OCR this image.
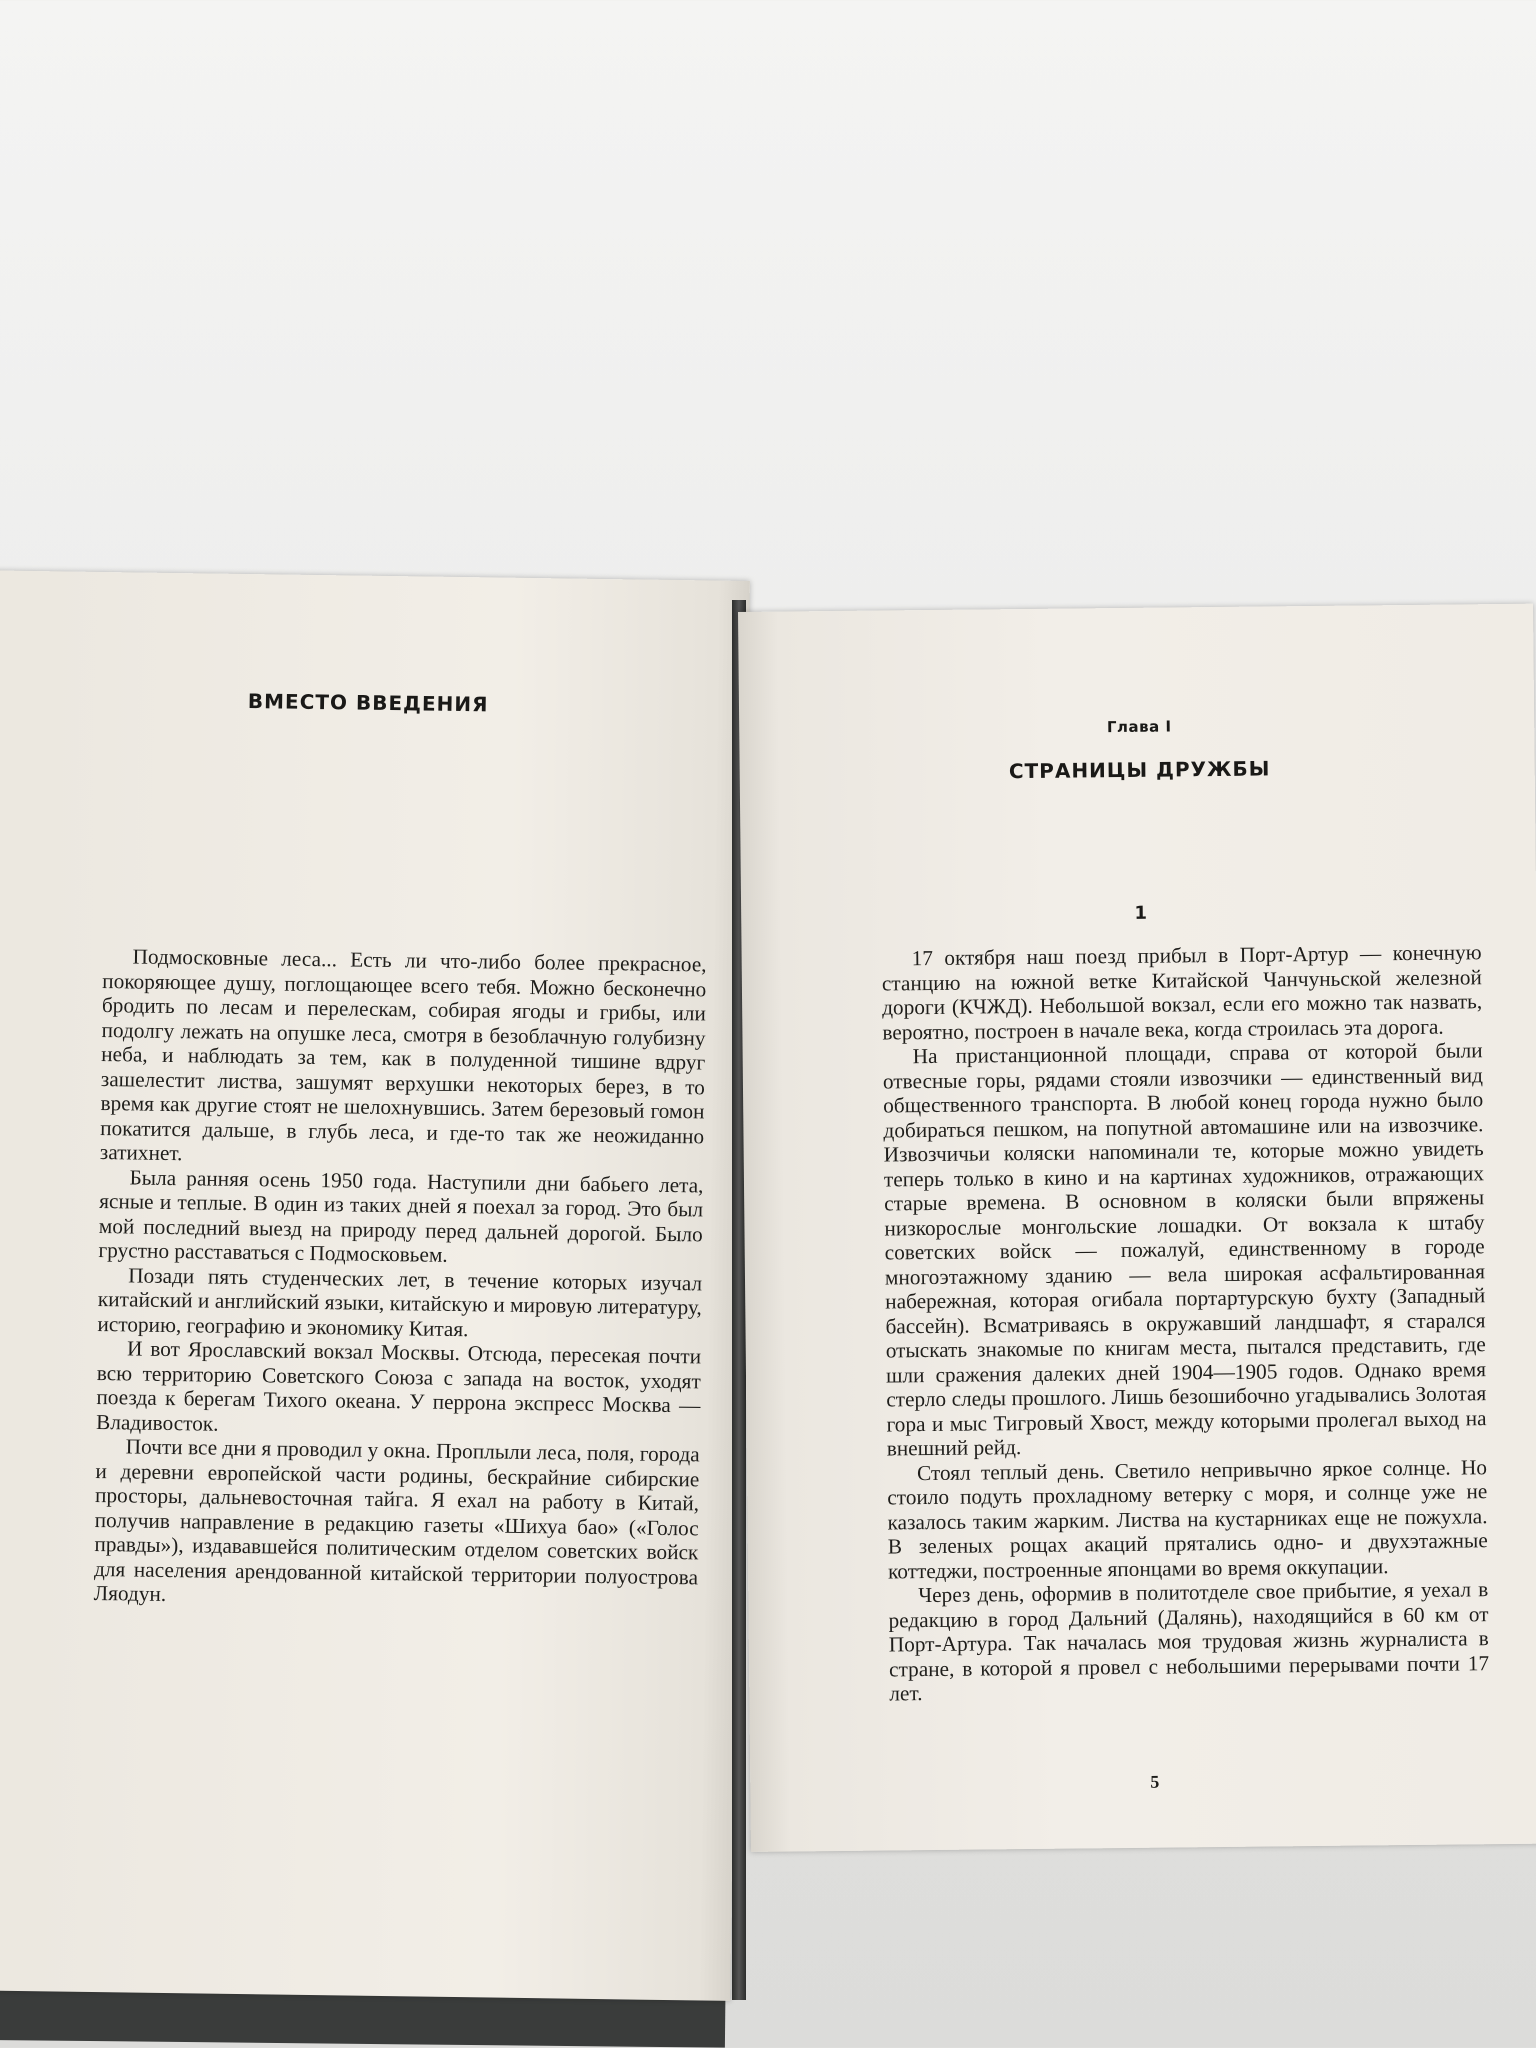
ВМЕСТО ВВЕДЕНИЯ

Подмосковные леса... Есть ли что-либо более прекрасное, покоряющее душу, поглощающее всего тебя. Можно бесконечно бродить по лесам и перелескам, собирая ягоды и грибы, или подолгу лежать на опушке леса, смотря в безоблачную голубизну неба, и наблюдать за тем, как в полуденной тишине вдруг зашелестит листва, зашумят верхушки некоторых берез, в то время как другие стоят не шелохнувшись. Затем березовый гомон покатится дальше, в глубь леса, и где-то так же неожиданно затихнет.

Была ранняя осень 1950 года. Наступили дни бабьего лета, ясные и теплые. В один из таких дней я поехал за город. Это был мой последний выезд на природу перед дальней дорогой. Было грустно расставаться с Подмосковьем.

Позади пять студенческих лет, в течение которых изучал китайский и английский языки, китайскую и мировую литературу, историю, географию и экономику Китая.

И вот Ярославский вокзал Москвы. Отсюда, пересекая почти всю территорию Советского Союза с запада на восток, уходят поезда к берегам Тихого океана. У перрона экспресс Москва — Владивосток.

Почти все дни я проводил у окна. Проплыли леса, поля, города и деревни европейской части родины, бескрайние сибирские просторы, дальневосточная тайга. Я ехал на работу в Китай, получив направление в редакцию газеты «Шихуа бао» («Голос правды»), издававшейся политическим отделом советских войск для населения арендованной китайской территории полуострова Ляодун.

Глава I
СТРАНИЦЫ ДРУЖБЫ
1

17 октября наш поезд прибыл в Порт-Артур — конечную станцию на южной ветке Китайской Чанчуньской железной дороги (КЧЖД). Небольшой вокзал, если его можно так назвать, вероятно, построен в начале века, когда строилась эта дорога.

На пристанционной площади, справа от которой были отвесные горы, рядами стояли извозчики — единственный вид общественного транспорта. В любой конец города нужно было добираться пешком, на попутной автомашине или на извозчике. Извозчичьи коляски напоминали те, которые можно увидеть теперь только в кино и на картинах художников, отражающих старые времена. В основном в коляски были впряжены низкорослые монгольские лошадки. От вокзала к штабу советских войск — пожалуй, единственному в городе многоэтажному зданию — вела широкая асфальтированная набережная, которая огибала портартурскую бухту (Западный бассейн). Всматриваясь в окружавший ландшафт, я старался отыскать знакомые по книгам места, пытался представить, где шли сражения далеких дней 1904—1905 годов. Однако время стерло следы прошлого. Лишь безошибочно угадывались Золотая гора и мыс Тигровый Хвост, между которыми пролегал выход на внешний рейд.

Стоял теплый день. Светило непривычно яркое солнце. Но стоило подуть прохладному ветерку с моря, и солнце уже не казалось таким жарким. Листва на кустарниках еще не пожухла. В зеленых рощах акаций прятались одно- и двухэтажные коттеджи, построенные японцами во время оккупации.

Через день, оформив в политотделе свое прибытие, я уехал в редакцию в город Дальний (Далянь), находящийся в 60 км от Порт-Артура. Так началась моя трудовая жизнь журналиста в стране, в которой я провел с небольшими перерывами почти 17 лет.

5
